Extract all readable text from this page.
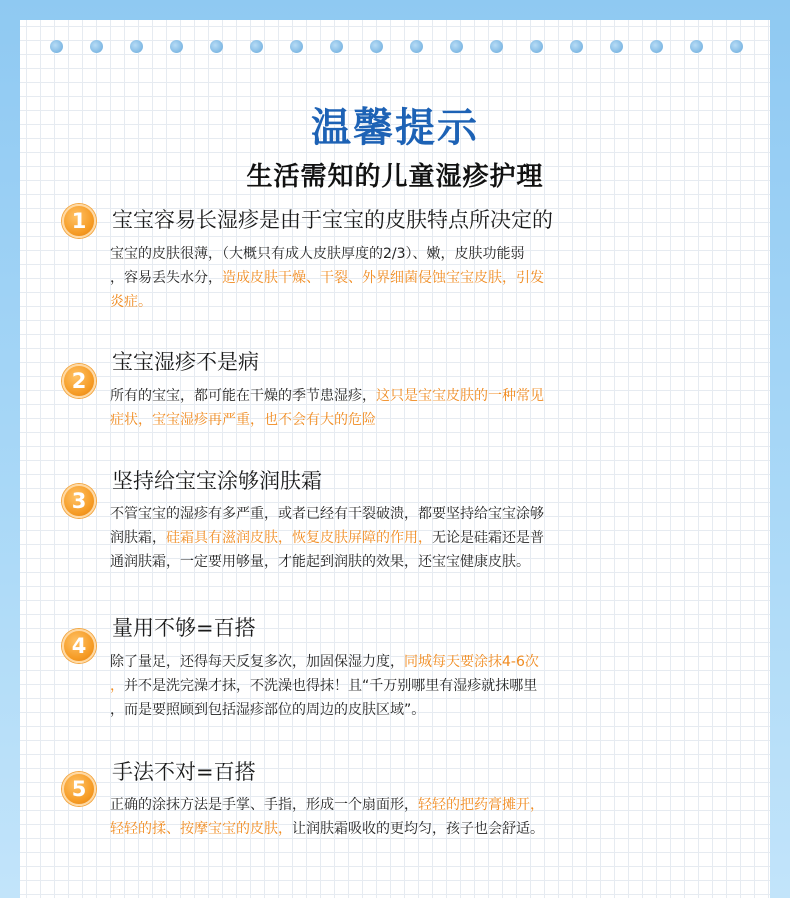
温馨提示
生活需知的儿童湿疹护理
1	宝宝容易长湿疹是由于宝宝的皮肤特点所决定的
宝宝的皮肤很薄，（大概只有成人皮肤厚度的2/3）、嫩，皮肤功能弱
，容易丢失水分，造成皮肤干燥、干裂、外界细菌侵蚀宝宝皮肤，引发
炎症。
2
宝宝湿疹不是病
所有的宝宝，都可能在干燥的季节患湿疹，这只是宝宝皮肤的一种常见
症状，宝宝湿疹再严重，也不会有大的危险
3
坚持给宝宝涂够润肤霜
不管宝宝的湿疹有多严重，或者已经有干裂破溃，都要坚持给宝宝涂够
润肤霜，硅霜具有滋润皮肤，恢复皮肤屏障的作用，无论是硅霜还是普
通润肤霜，一定要用够量，才能起到润肤的效果，还宝宝健康皮肤。
4
量用不够=百搭
除了量足，还得每天反复多次，加固保湿力度，同城每天要涂抹4-6次
，并不是洗完澡才抹，不洗澡也得抹！且“千万别哪里有湿疹就抹哪里
，而是要照顾到包括湿疹部位的周边的皮肤区域”。
5
手法不对=百搭
正确的涂抹方法是手掌、手指，形成一个扇面形，轻轻的把药膏摊开，
轻轻的揉、按摩宝宝的皮肤，让润肤霜吸收的更均匀，孩子也会舒适。
